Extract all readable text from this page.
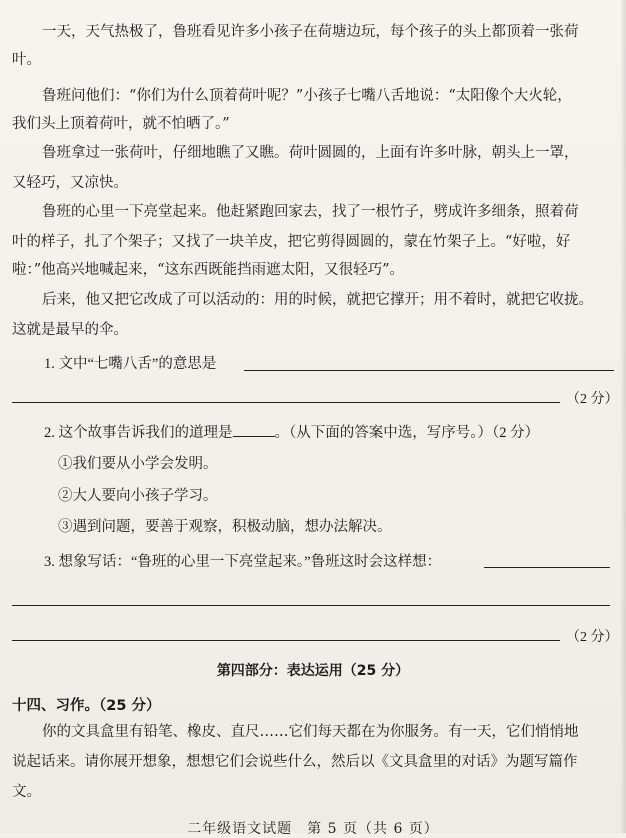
一天，天气热极了，鲁班看见许多小孩子在荷塘边玩，每个孩子的头上都顶着一张荷
叶。
鲁班问他们：“你们为什么顶着荷叶呢？”小孩子七嘴八舌地说：“太阳像个大火轮，
我们头上顶着荷叶，就不怕晒了。”
鲁班拿过一张荷叶，仔细地瞧了又瞧。荷叶圆圆的，上面有许多叶脉，朝头上一罩，
又轻巧，又凉快。
鲁班的心里一下亮堂起来。他赶紧跑回家去，找了一根竹子，劈成许多细条，照着荷
叶的样子，扎了个架子；又找了一块羊皮，把它剪得圆圆的，蒙在竹架子上。“好啦，好
啦：”他高兴地喊起来，“这东西既能挡雨遮太阳，又很轻巧”。
后来，他又把它改成了可以活动的：用的时候，就把它撑开；用不着时，就把它收拢。
这就是最早的伞。
1. 文中“七嘴八舌”的意思是
（2 分）
2. 这个故事告诉我们的道理是	。（从下面的答案中选，写序号。）（2 分）
①我们要从小学会发明。
②大人要向小孩子学习。
③遇到问题，要善于观察，积极动脑，想办法解决。
3. 想象写话：“鲁班的心里一下亮堂起来。”鲁班这时会这样想：
（2 分）
第四部分：表达运用（25 分）
十四、习作。（25 分）
你的文具盒里有铅笔、橡皮、直尺……它们每天都在为你服务。有一天，它们悄悄地
说起话来。请你展开想象，想想它们会说些什么，然后以《文具盒里的对话》为题写篇作
文。
二年级语文试题　第 5 页（共 6 页）
